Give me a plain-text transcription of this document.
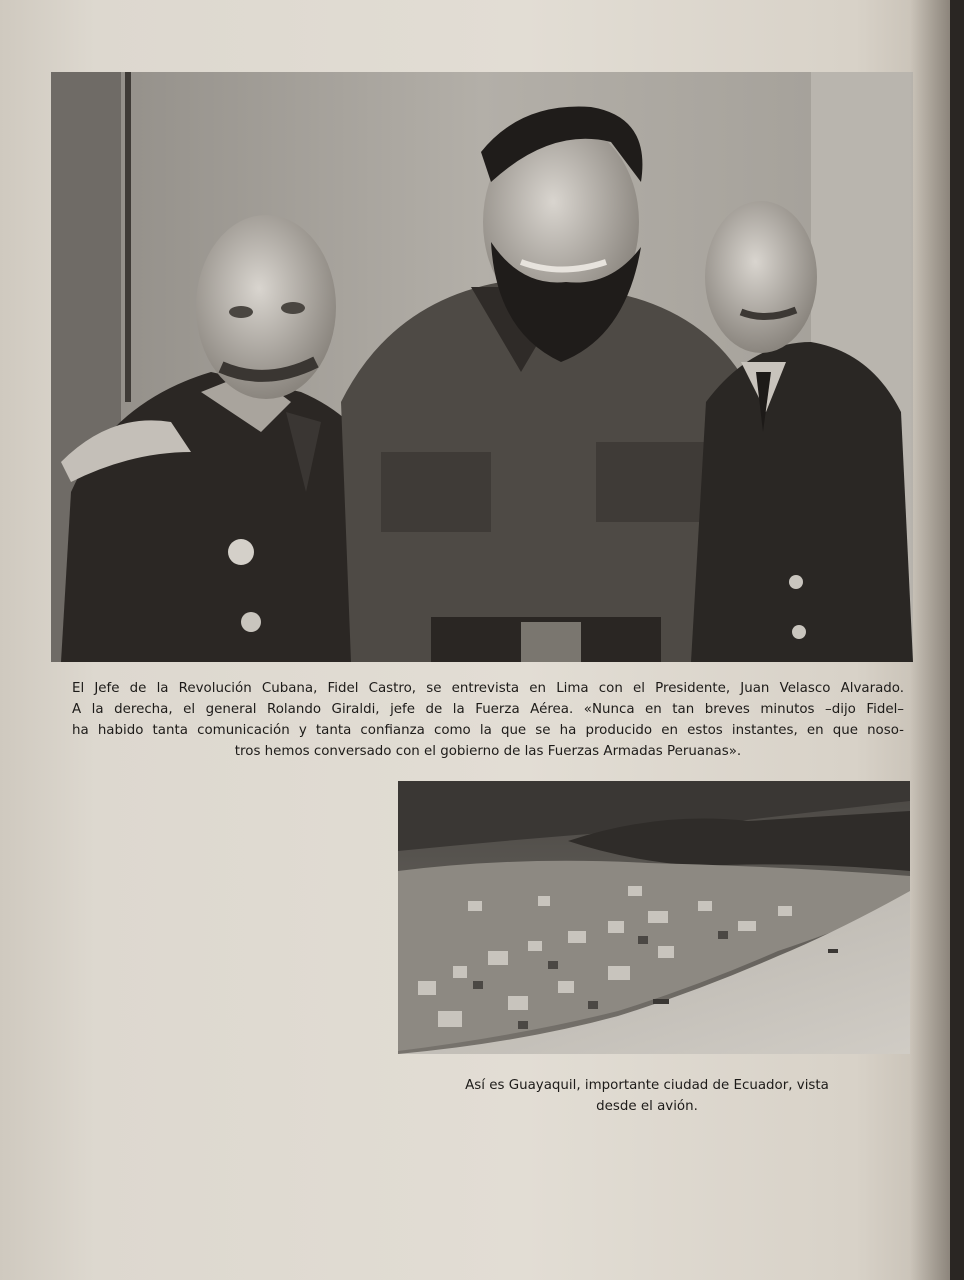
El Jefe de la Revolución Cubana, Fidel Castro, se entrevista en Lima con el Presidente, Juan Velasco Alvarado.
A la derecha, el general Rolando Giraldi, jefe de la Fuerza Aérea. «Nunca en tan breves minutos –dijo Fidel–
ha habido tanta comunicación y tanta confianza como la que se ha producido en estos instantes, en que noso-
tros hemos conversado con el gobierno de las Fuerzas Armadas Peruanas».

Así es Guayaquil, importante ciudad de Ecuador, vista
desde el avión.
